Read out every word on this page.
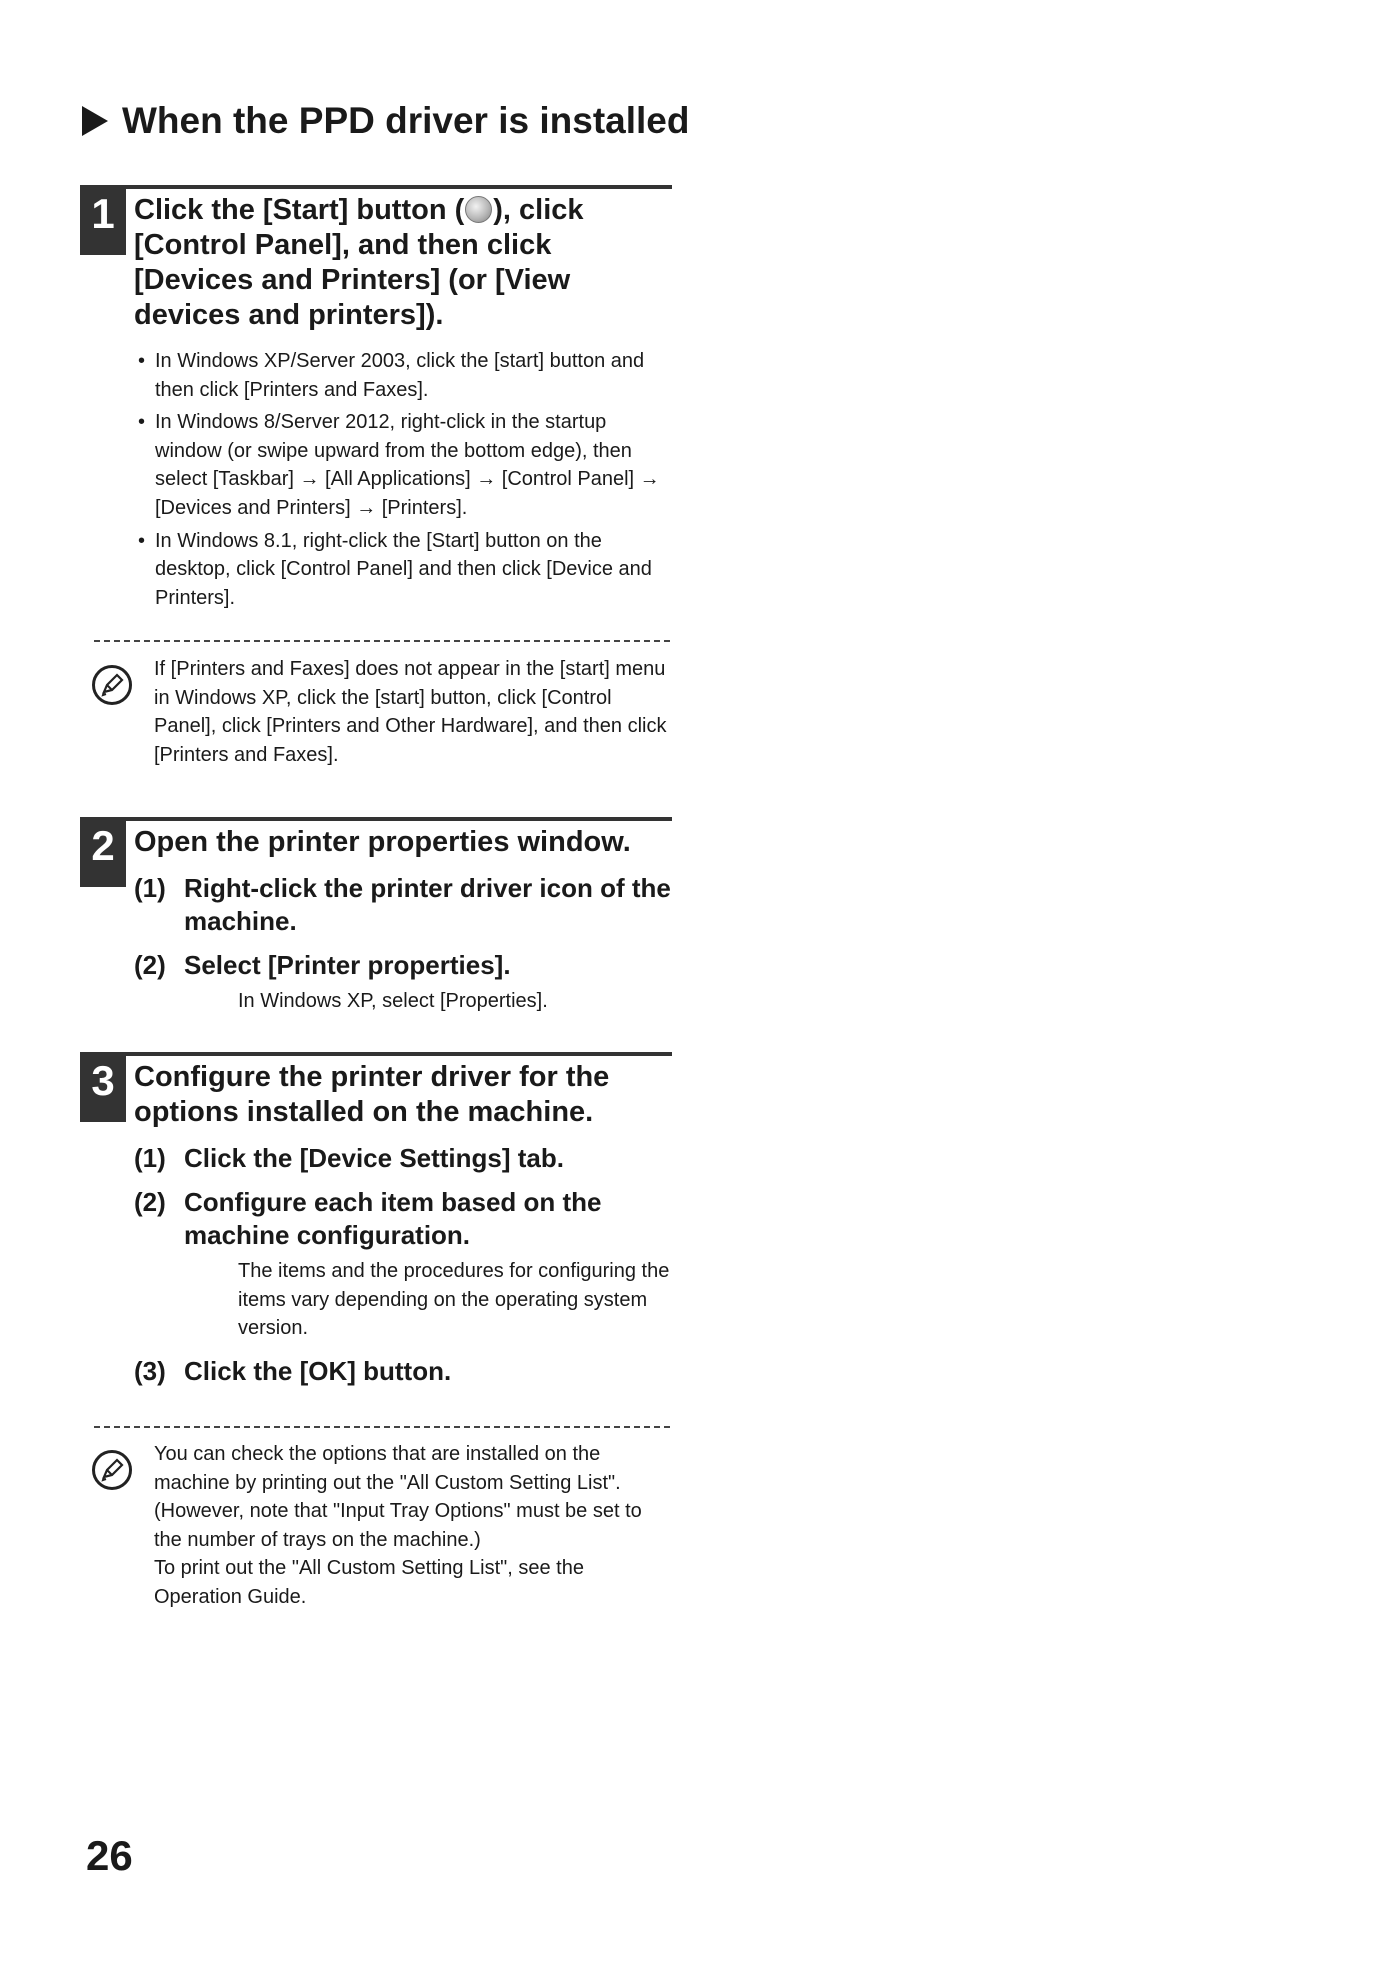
When the PPD driver is installed
1 Click the [Start] button ( ), click [Control Panel], and then click [Devices and Printers] (or [View devices and printers]).

• In Windows XP/Server 2003, click the [start] button and then click [Printers and Faxes].
• In Windows 8/Server 2012, right-click in the startup window (or swipe upward from the bottom edge), then select [Taskbar] → [All Applications] → [Control Panel] → [Devices and Printers] → [Printers].
• In Windows 8.1, right-click the [Start] button on the desktop, click [Control Panel] and then click [Device and Printers].
If [Printers and Faxes] does not appear in the [start] menu in Windows XP, click the [start] button, click [Control Panel], click [Printers and Other Hardware], and then click [Printers and Faxes].
2 Open the printer properties window.

(1) Right-click the printer driver icon of the machine.
(2) Select [Printer properties].
In Windows XP, select [Properties].
3 Configure the printer driver for the options installed on the machine.

(1) Click the [Device Settings] tab.
(2) Configure each item based on the machine configuration.
The items and the procedures for configuring the items vary depending on the operating system version.
(3) Click the [OK] button.
You can check the options that are installed on the machine by printing out the "All Custom Setting List". (However, note that "Input Tray Options" must be set to the number of trays on the machine.)
To print out the "All Custom Setting List", see the Operation Guide.

26
